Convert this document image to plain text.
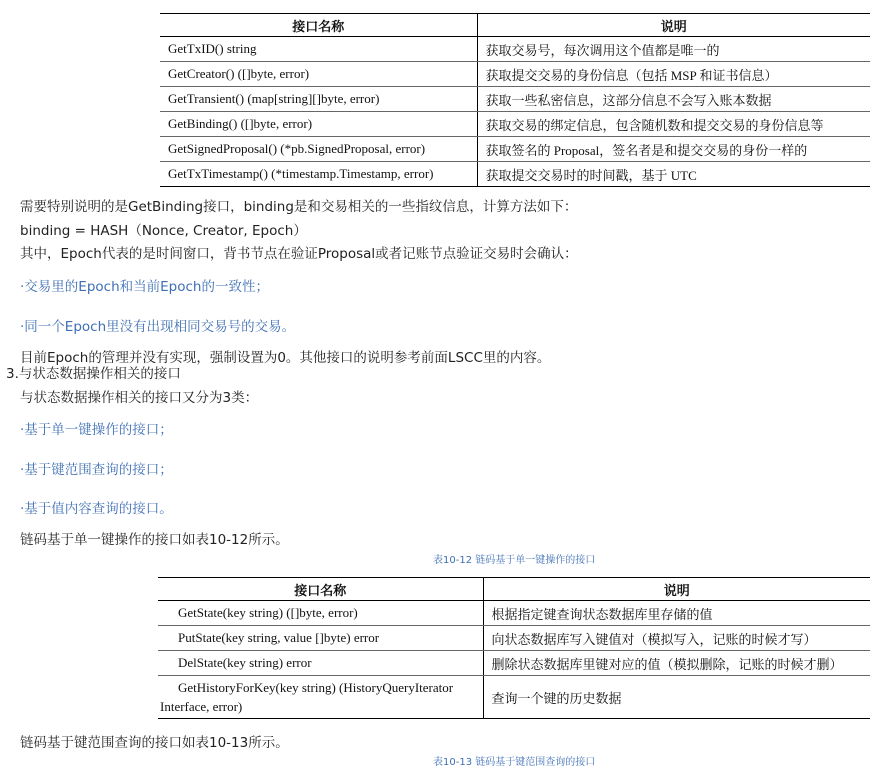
接口名称	说明
GetTxID() string	获取交易号，每次调用这个值都是唯一的
GetCreator() ([]byte, error)	获取提交交易的身份信息（包括 MSP 和证书信息）
GetTransient() (map[string][]byte, error)	获取一些私密信息，这部分信息不会写入账本数据
GetBinding() ([]byte, error)	获取交易的绑定信息，包含随机数和提交交易的身份信息等
GetSignedProposal() (*pb.SignedProposal, error)	获取签名的 Proposal，签名者是和提交交易的身份一样的
GetTxTimestamp() (*timestamp.Timestamp, error)	获取提交交易时的时间戳，基于 UTC
需要特别说明的是GetBinding接口，binding是和交易相关的一些指纹信息，计算方法如下：
binding = HASH（Nonce, Creator, Epoch）
其中，Epoch代表的是时间窗口，背书节点在验证Proposal或者记账节点验证交易时会确认：
·交易里的Epoch和当前Epoch的一致性；
·同一个Epoch里没有出现相同交易号的交易。
目前Epoch的管理并没有实现，强制设置为0。其他接口的说明参考前面LSCC里的内容。
3.与状态数据操作相关的接口
与状态数据操作相关的接口又分为3类：
·基于单一键操作的接口；
·基于键范围查询的接口；
·基于值内容查询的接口。
链码基于单一键操作的接口如表10-12所示。
表10-12 链码基于单一键操作的接口
接口名称	说明
GetState(key string) ([]byte, error)	根据指定键查询状态数据库里存储的值
PutState(key string, value []byte) error	向状态数据库写入键值对（模拟写入，记账的时候才写）
DelState(key string) error	删除状态数据库里键对应的值（模拟删除，记账的时候才删）
GetHistoryForKey(key string) (HistoryQueryIterator Interface, error)	查询一个键的历史数据
链码基于键范围查询的接口如表10-13所示。
表10-13 链码基于键范围查询的接口
